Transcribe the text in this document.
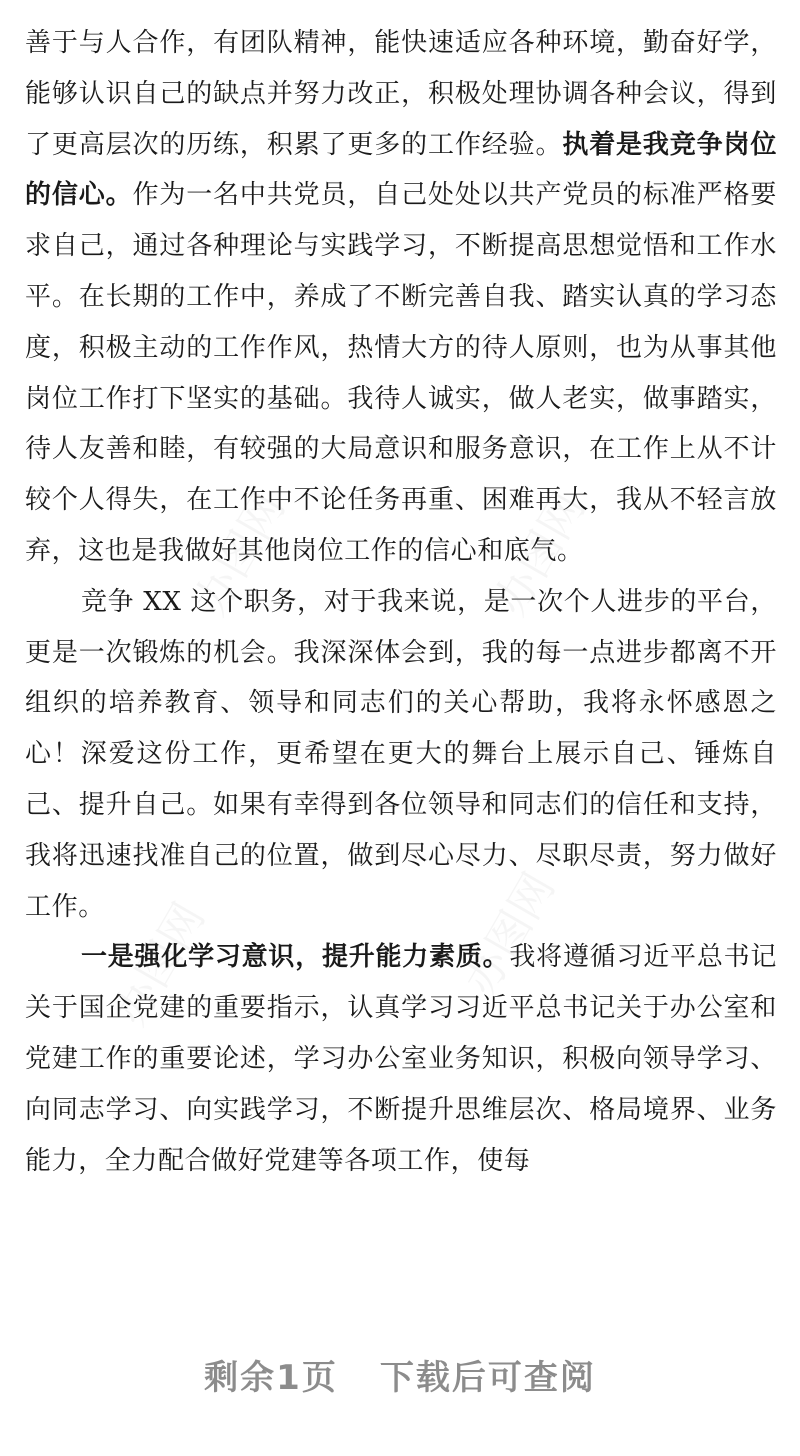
善于与人合作，有团队精神，能快速适应各种环境，勤奋好学，能够认识自己的缺点并努力改正，积极处理协调各种会议，得到了更高层次的历练，积累了更多的工作经验。执着是我竞争岗位的信心。作为一名中共党员，自己处处以共产党员的标准严格要求自己，通过各种理论与实践学习，不断提高思想觉悟和工作水平。在长期的工作中，养成了不断完善自我、踏实认真的学习态度，积极主动的工作作风，热情大方的待人原则，也为从事其他岗位工作打下坚实的基础。我待人诚实，做人老实，做事踏实，待人友善和睦，有较强的大局意识和服务意识，在工作上从不计较个人得失，在工作中不论任务再重、困难再大，我从不轻言放弃，这也是我做好其他岗位工作的信心和底气。

竞争 XX 这个职务，对于我来说，是一次个人进步的平台，更是一次锻炼的机会。我深深体会到，我的每一点进步都离不开组织的培养教育、领导和同志们的关心帮助，我将永怀感恩之心！深爱这份工作，更希望在更大的舞台上展示自己、锤炼自己、提升自己。如果有幸得到各位领导和同志们的信任和支持，我将迅速找准自己的位置，做到尽心尽力、尽职尽责，努力做好工作。

一是强化学习意识，提升能力素质。我将遵循习近平总书记关于国企党建的重要指示，认真学习习近平总书记关于办公室和党建工作的重要论述，学习办公室业务知识，积极向领导学习、向同志学习、向实践学习，不断提升思维层次、格局境界、业务能力，全力配合做好党建等各项工作，使每

办图网	办图网
办图网	办图网
剩余1页 下载后可查阅
